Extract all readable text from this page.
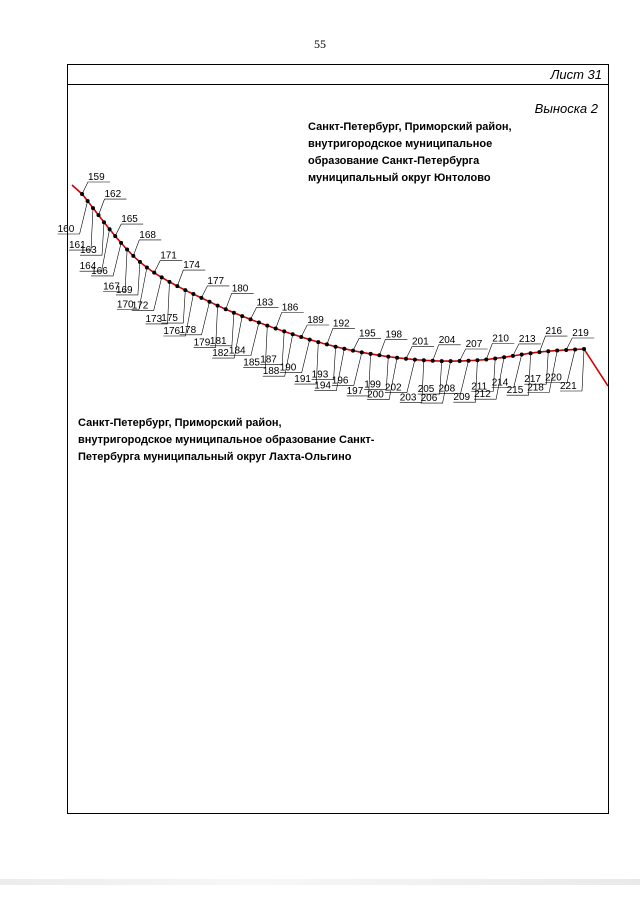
55
159
160
161
162
163
164
165
166
167
168
169
170
171
172
173
174
175
176
177
178
179
180
181
182
183
184
185
186
187
188
189
190
191
192
193
194
195
196
197
198
199
200
201
202
203
204
205
206
207
208
209
210
211
212
213
214
215
216
217
218
219
220
221
Лист 31
Выноска 2
Санкт-Петербург, Приморский район,
внутригородское муниципальное
образование Санкт-Петербурга
муниципальный округ Юнтолово
Санкт-Петербург, Приморский район,
внутригородское муниципальное образование Санкт-
Петербурга муниципальный округ Лахта-Ольгино
